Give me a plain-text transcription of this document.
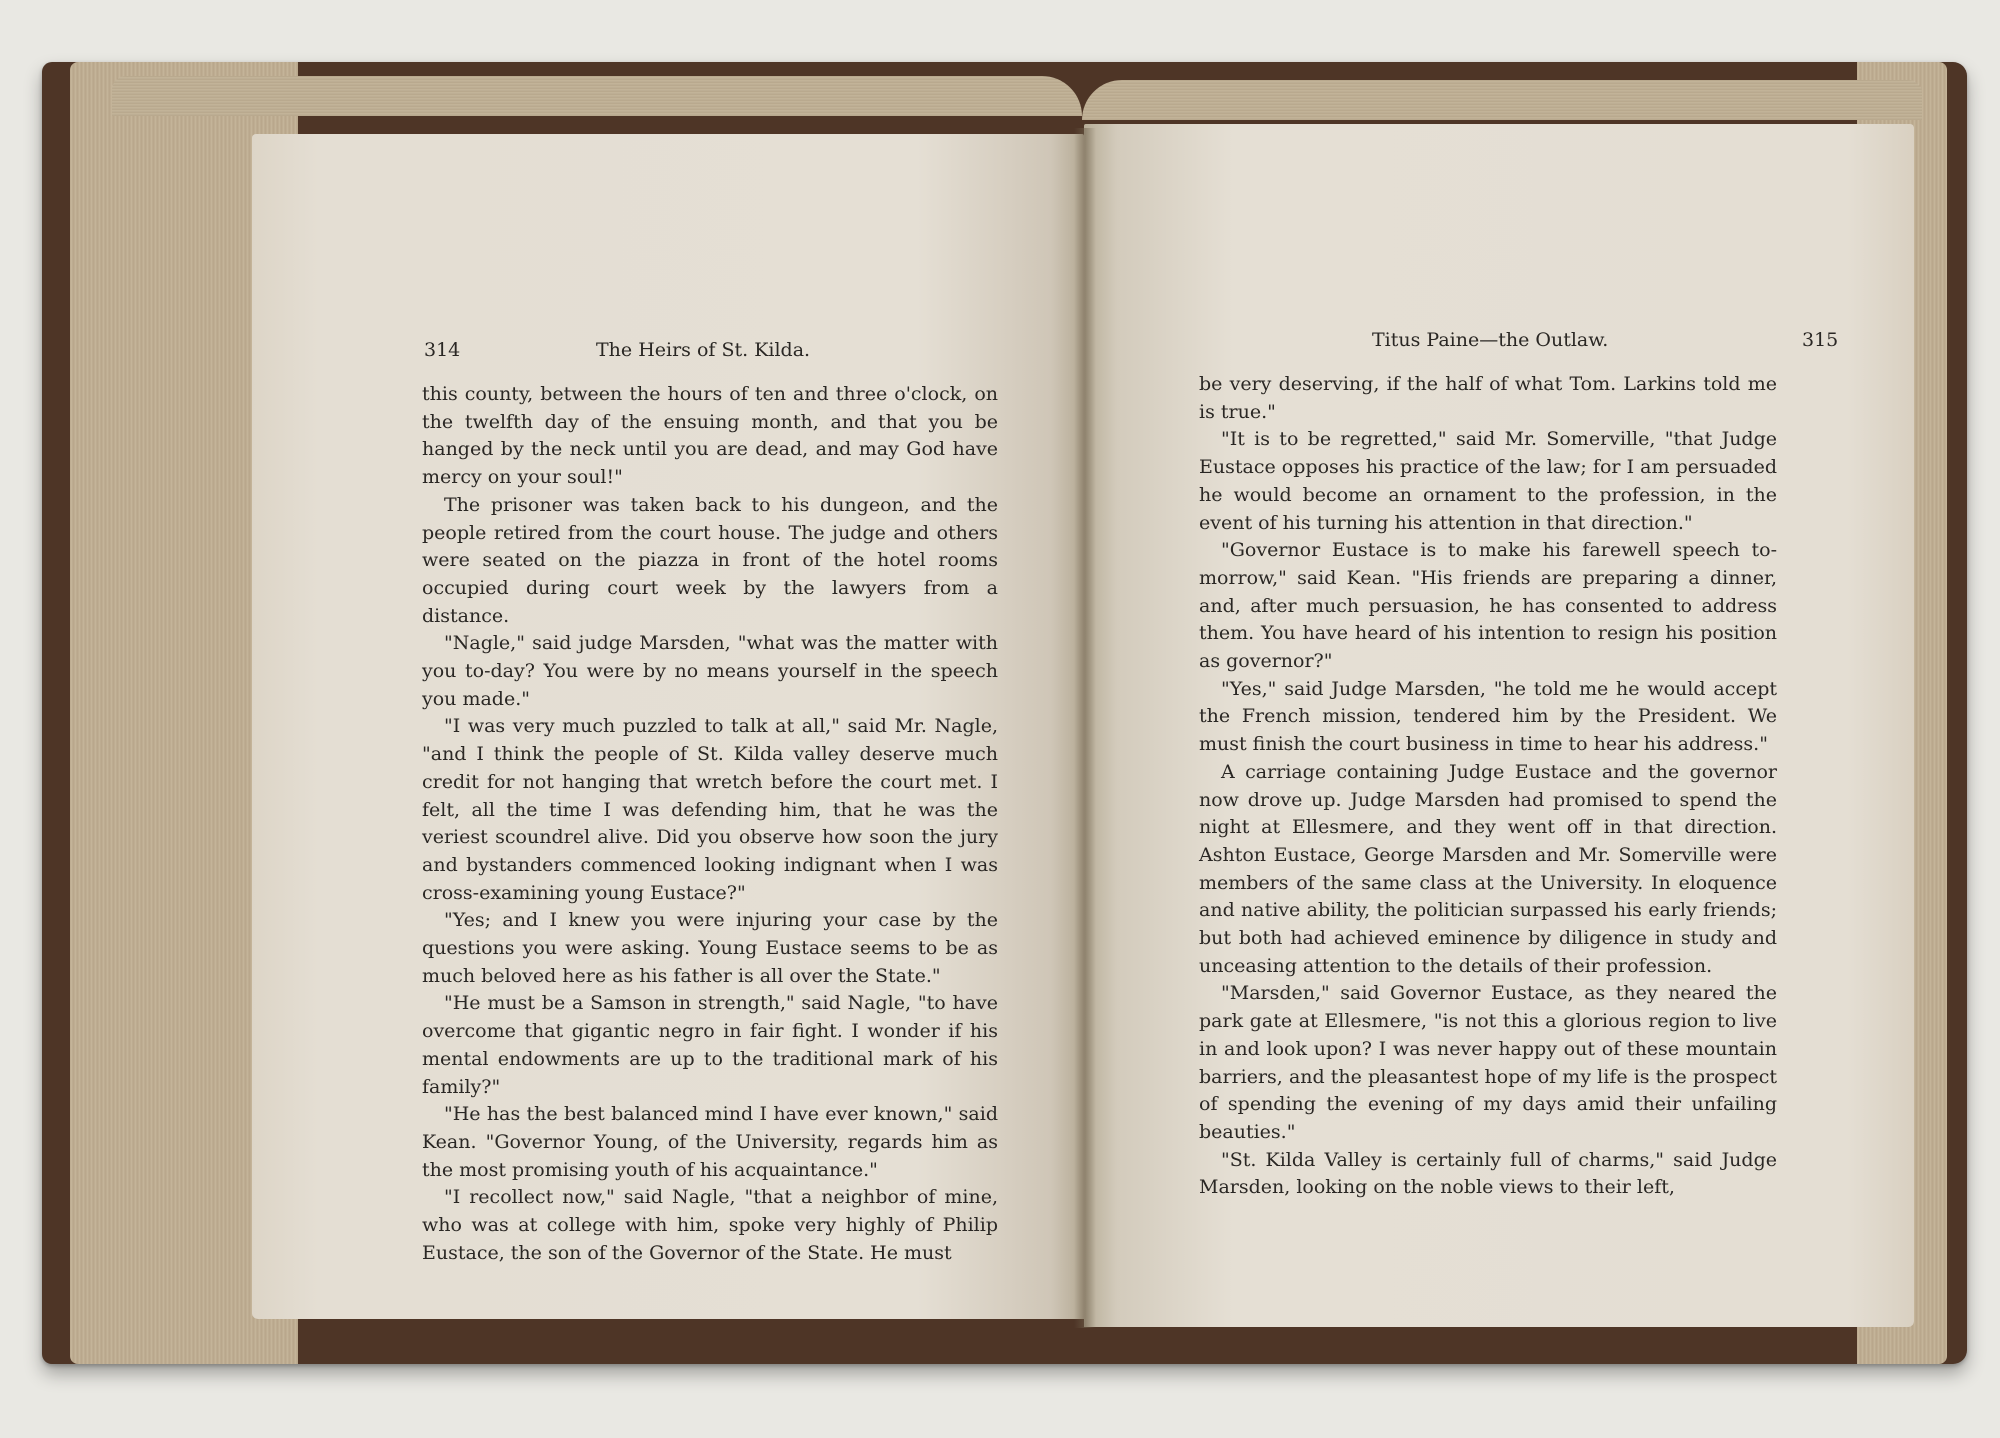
314	The Heirs of St. Kilda.

this county, between the hours of ten and three o'clock, on the twelfth day of the ensuing month, and that you be hanged by the neck until you are dead, and may God have mercy on your soul!"

The prisoner was taken back to his dungeon, and the people retired from the court house. The judge and others were seated on the piazza in front of the hotel rooms occupied during court week by the lawyers from a distance.

"Nagle," said judge Marsden, "what was the matter with you to-day? You were by no means yourself in the speech you made."

"I was very much puzzled to talk at all," said Mr. Nagle, "and I think the people of St. Kilda valley deserve much credit for not hanging that wretch before the court met. I felt, all the time I was defending him, that he was the veriest scoundrel alive. Did you observe how soon the jury and bystanders commenced looking indignant when I was cross-examining young Eustace?"

"Yes; and I knew you were injuring your case by the questions you were asking. Young Eustace seems to be as much beloved here as his father is all over the State."

"He must be a Samson in strength," said Nagle, "to have overcome that gigantic negro in fair fight. I wonder if his mental endowments are up to the traditional mark of his family?"

"He has the best balanced mind I have ever known," said Kean. "Governor Young, of the University, regards him as the most promising youth of his acquaintance."

"I recollect now," said Nagle, "that a neighbor of mine, who was at college with him, spoke very highly of Philip Eustace, the son of the Governor of the State. He must

Titus Paine—the Outlaw.	315

be very deserving, if the half of what Tom. Larkins told me is true."

"It is to be regretted," said Mr. Somerville, "that Judge Eustace opposes his practice of the law; for I am persuaded he would become an ornament to the profession, in the event of his turning his attention in that direction."

"Governor Eustace is to make his farewell speech to-morrow," said Kean. "His friends are preparing a dinner, and, after much persuasion, he has consented to address them. You have heard of his intention to resign his position as governor?"

"Yes," said Judge Marsden, "he told me he would accept the French mission, tendered him by the President. We must finish the court business in time to hear his address."

A carriage containing Judge Eustace and the governor now drove up. Judge Marsden had promised to spend the night at Ellesmere, and they went off in that direction. Ashton Eustace, George Marsden and Mr. Somerville were members of the same class at the University. In eloquence and native ability, the politician surpassed his early friends; but both had achieved eminence by diligence in study and unceasing attention to the details of their profession.

"Marsden," said Governor Eustace, as they neared the park gate at Ellesmere, "is not this a glorious region to live in and look upon? I was never happy out of these mountain barriers, and the pleasantest hope of my life is the prospect of spending the evening of my days amid their unfailing beauties."

"St. Kilda Valley is certainly full of charms," said Judge Marsden, looking on the noble views to their left,
